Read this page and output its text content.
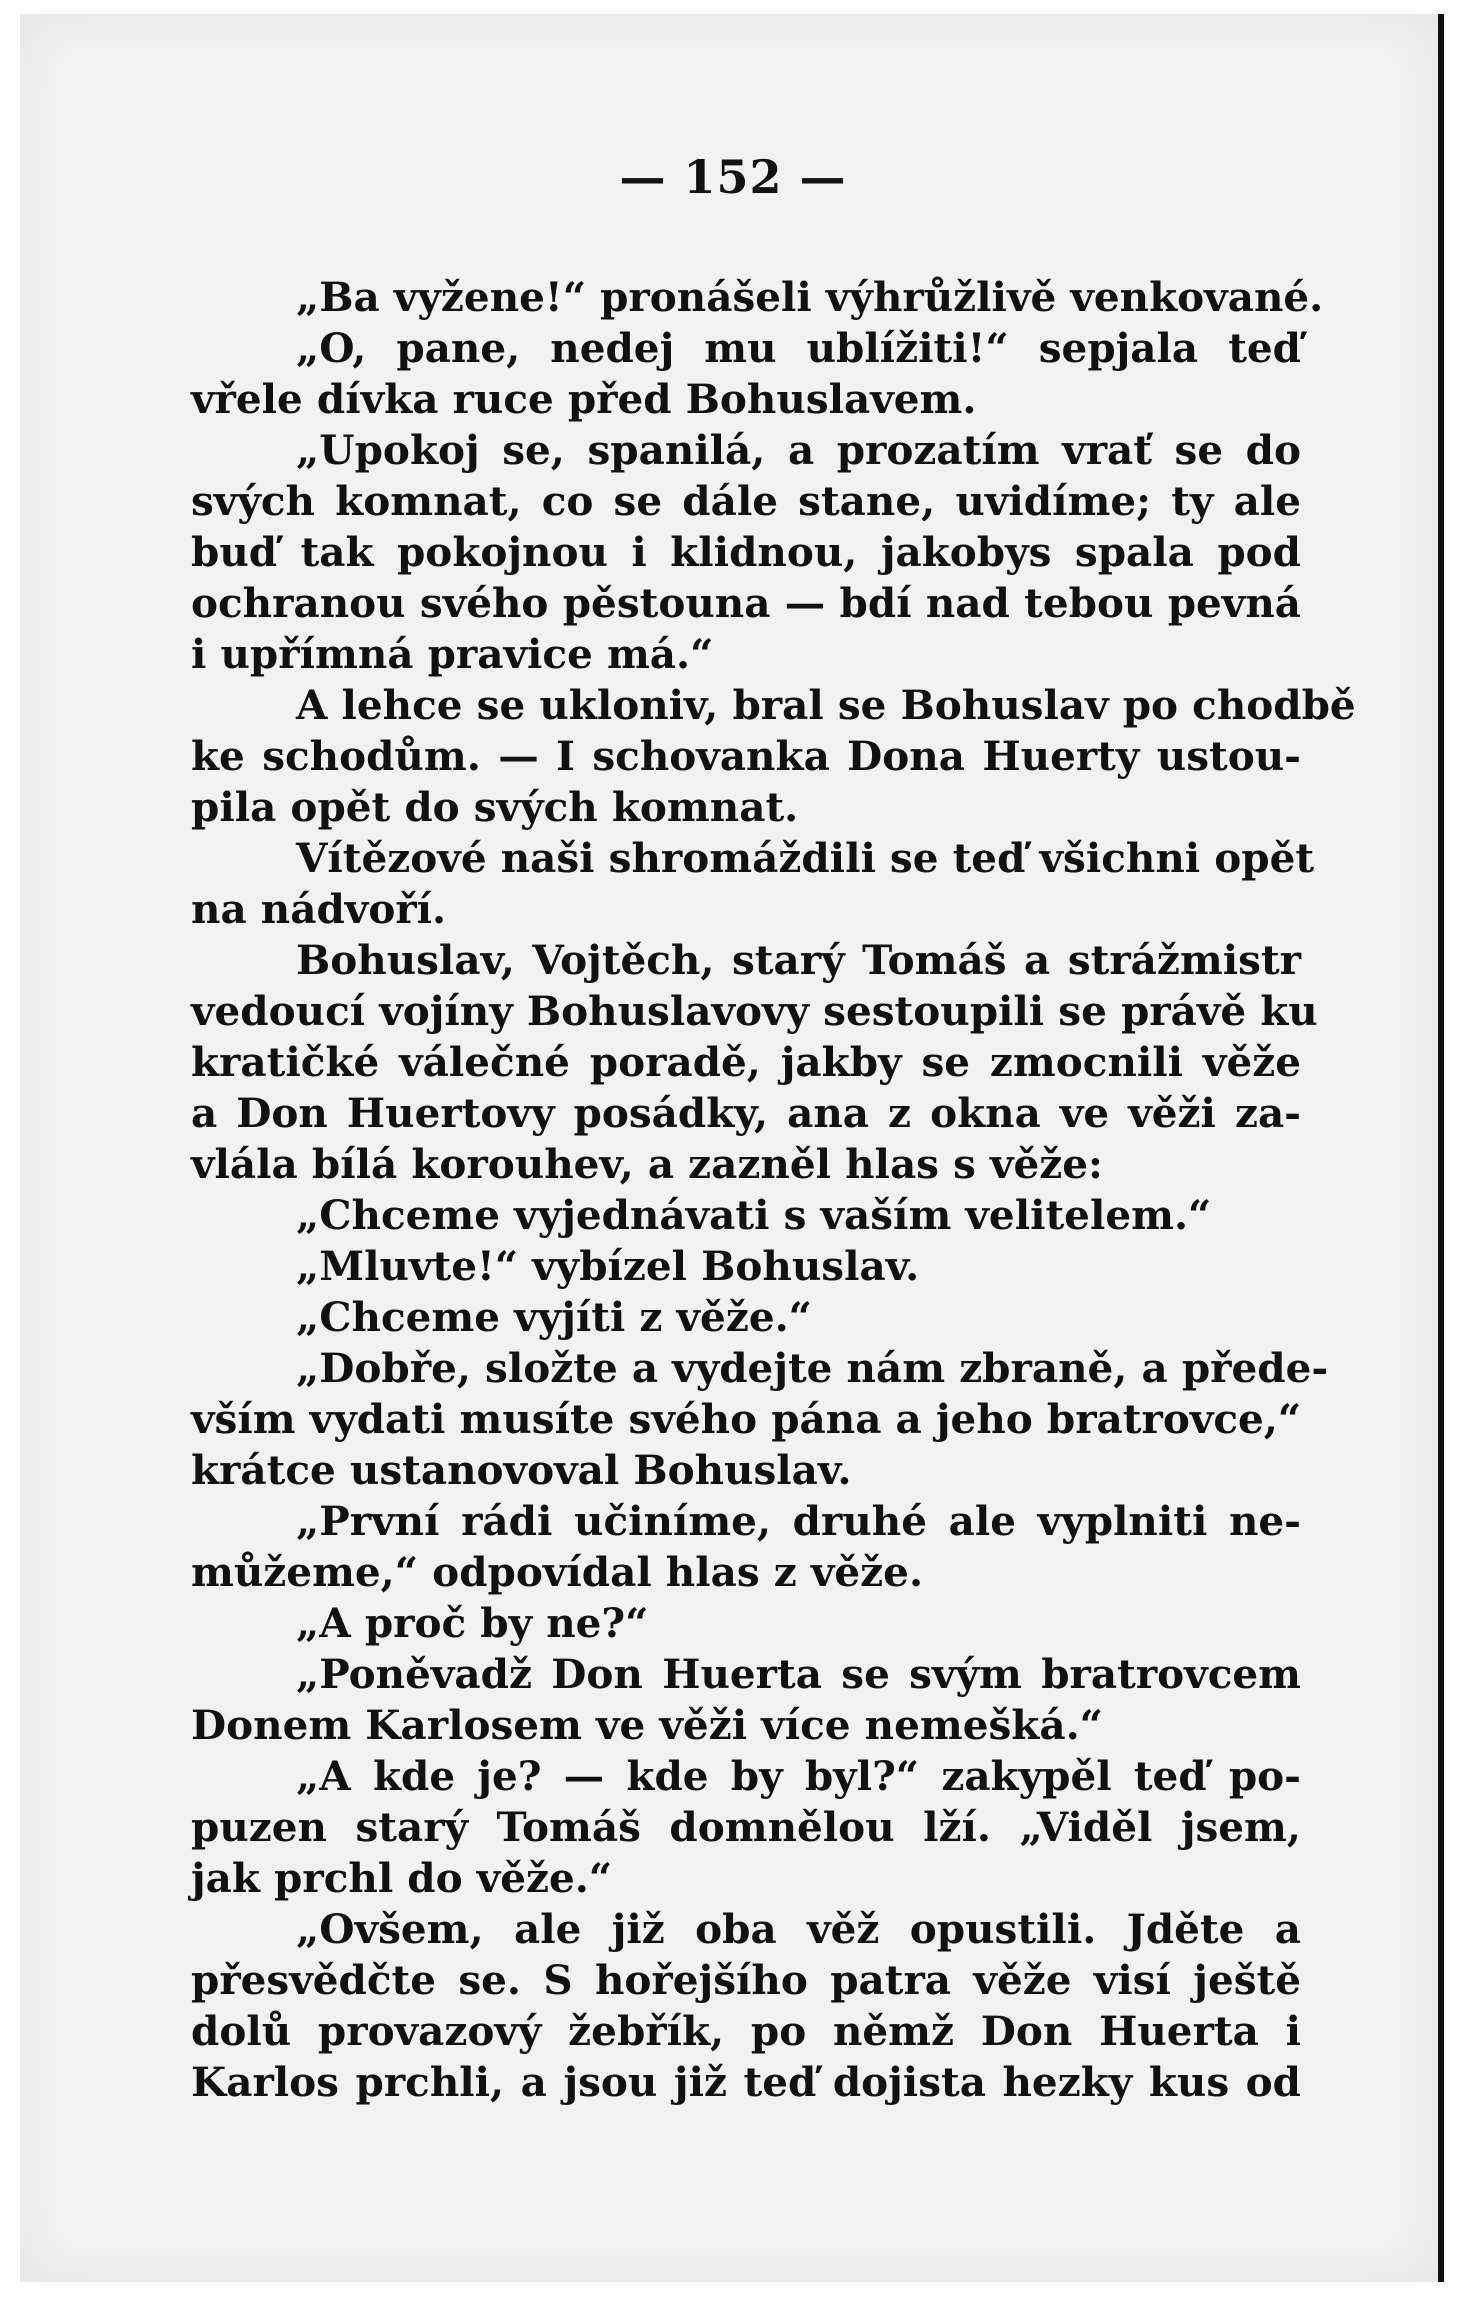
— 152 —
„Ba vyžene!“ pronášeli výhrůžlivě venkované.
„O, pane, nedej mu ublížiti!“ sepjala teď
vřele dívka ruce před Bohuslavem.
„Upokoj se, spanilá, a prozatím vrať se do
svých komnat, co se dále stane, uvidíme; ty ale
buď tak pokojnou i klidnou, jakobys spala pod
ochranou svého pěstouna — bdí nad tebou pevná
i upřímná pravice má.“
A lehce se ukloniv, bral se Bohuslav po chodbě
ke schodům. — I schovanka Dona Huerty ustou-
pila opět do svých komnat.
Vítězové naši shromáždili se teď všichni opět
na nádvoří.
Bohuslav, Vojtěch, starý Tomáš a strážmistr
vedoucí vojíny Bohuslavovy sestoupili se právě ku
kratičké válečné poradě, jakby se zmocnili věže
a Don Huertovy posádky, ana z okna ve věži za-
vlála bílá korouhev, a zazněl hlas s věže:
„Chceme vyjednávati s vaším velitelem.“
„Mluvte!“ vybízel Bohuslav.
„Chceme vyjíti z věže.“
„Dobře, složte a vydejte nám zbraně, a přede-
vším vydati musíte svého pána a jeho bratrovce,“
krátce ustanovoval Bohuslav.
„První rádi učiníme, druhé ale vyplniti ne-
můžeme,“ odpovídal hlas z věže.
„A proč by ne?“
„Poněvadž Don Huerta se svým bratrovcem
Donem Karlosem ve věži více nemešká.“
„A kde je? — kde by byl?“ zakypěl teď po-
puzen starý Tomáš domnělou lží. „Viděl jsem,
jak prchl do věže.“
„Ovšem, ale již oba věž opustili. Jděte a
přesvědčte se. S hořejšího patra věže visí ještě
dolů provazový žebřík, po němž Don Huerta i
Karlos prchli, a jsou již teď dojista hezky kus od
